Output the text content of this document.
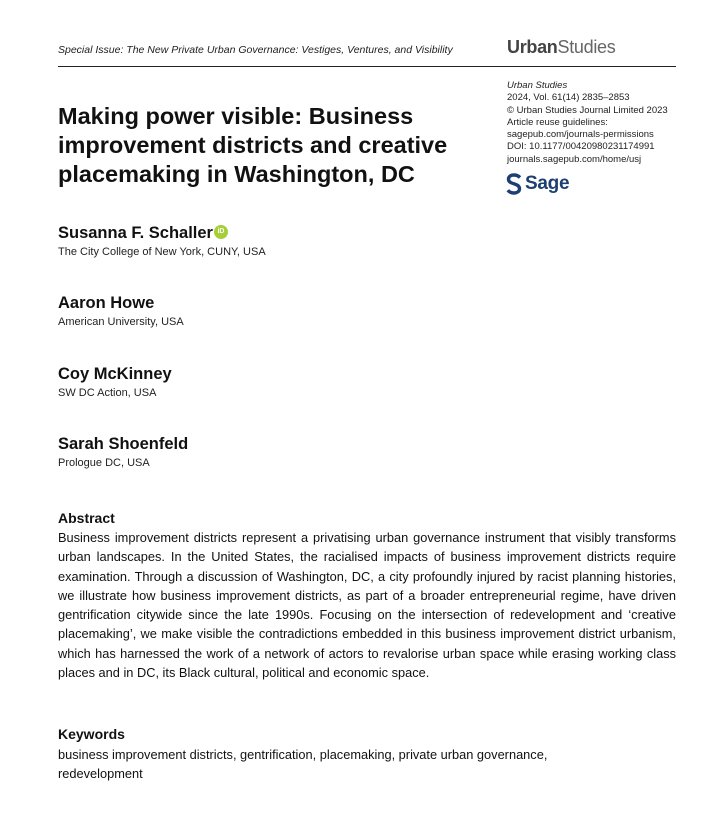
Special Issue: The New Private Urban Governance: Vestiges, Ventures, and Visibility	UrbanStudies
Urban Studies
2024, Vol. 61(14) 2835–2853
© Urban Studies Journal Limited 2023
Article reuse guidelines:
sagepub.com/journals-permissions
DOI: 10.1177/00420980231174991
journals.sagepub.com/home/usj
Sage
Making power visible: Business improvement districts and creative placemaking in Washington, DC
Susanna F. Schaller iD
The City College of New York, CUNY, USA
Aaron Howe
American University, USA
Coy McKinney
SW DC Action, USA
Sarah Shoenfeld
Prologue DC, USA
Abstract

Business improvement districts represent a privatising urban governance instrument that visibly transforms urban landscapes. In the United States, the racialised impacts of business improvement districts require examination. Through a discussion of Washington, DC, a city profoundly injured by racist planning histories, we illustrate how business improvement districts, as part of a broader entrepreneurial regime, have driven gentrification citywide since the late 1990s. Focusing on the intersection of redevelopment and ‘creative placemaking’, we make visible the contradictions embedded in this business improvement district urbanism, which has harnessed the work of a network of actors to revalorise urban space while erasing working class places and in DC, its Black cultural, political and economic space.

Keywords

business improvement districts, gentrification, placemaking, private urban governance, redevelopment
